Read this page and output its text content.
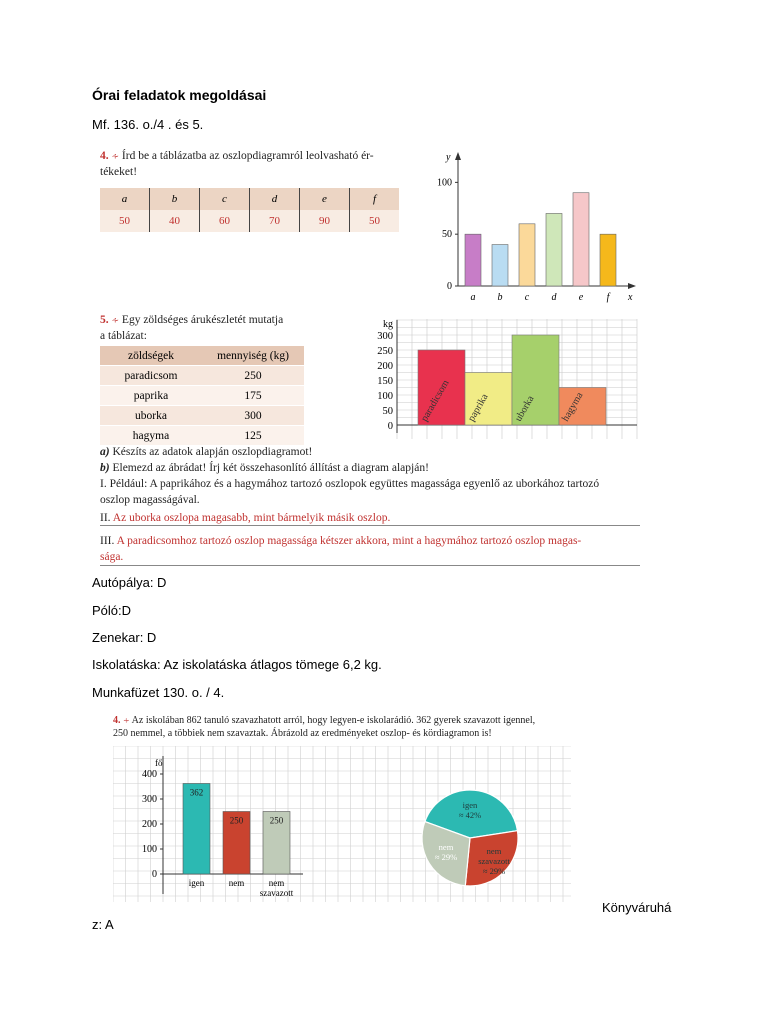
Órai feladatok megoldásai
Mf. 136. o./4 . és 5.
4. ∻ Írd be a táblázatba az oszlopdiagramról leolvasható ér-
tékeket!
a	b	c	d	e	f
50	40	60	70	90	50
y
x
0
50
100
a b c d e f
5. ∻ Egy zöldséges árukészletét mutatja
a táblázat:
zöldségek	mennyiség (kg)
paradicsom	250
paprika	175
uborka	300
hagyma	125
kg
0
50
100
150
200
250
300
paradicsom paprika uborka hagyma
a) Készíts az adatok alapján oszlopdiagramot!
b) Elemezd az ábrádat! Írj két összehasonlító állítást a diagram alapján!
I. Például: A paprikához és a hagymához tartozó oszlopok együttes magassága egyenlő az uborkához tartozó
oszlop magasságával.
II. Az uborka oszlopa magasabb, mint bármelyik másik oszlop.
III. A paradicsomhoz tartozó oszlop magassága kétszer akkora, mint a hagymához tartozó oszlop magas-
sága.
Autópálya: D
Póló:D
Zenekar: D
Iskolatáska: Az iskolatáska átlagos tömege 6,2 kg.
Munkafüzet 130. o. / 4.
4. ∻ Az iskolában 862 tanuló szavazhatott arról, hogy legyen-e iskolarádió. 362 gyerek szavazott igennel,
250 nemmel, a többiek nem szavaztak. Ábrázold az eredményeket oszlop- és kördiagramon is!
fő
0
100
200
300
400
362
igen
250
nem
250
nem
szavazott
igen
≈ 42%
nem
≈ 29%
nem
szavazott
≈ 29%
Könyváruhá
z: A
